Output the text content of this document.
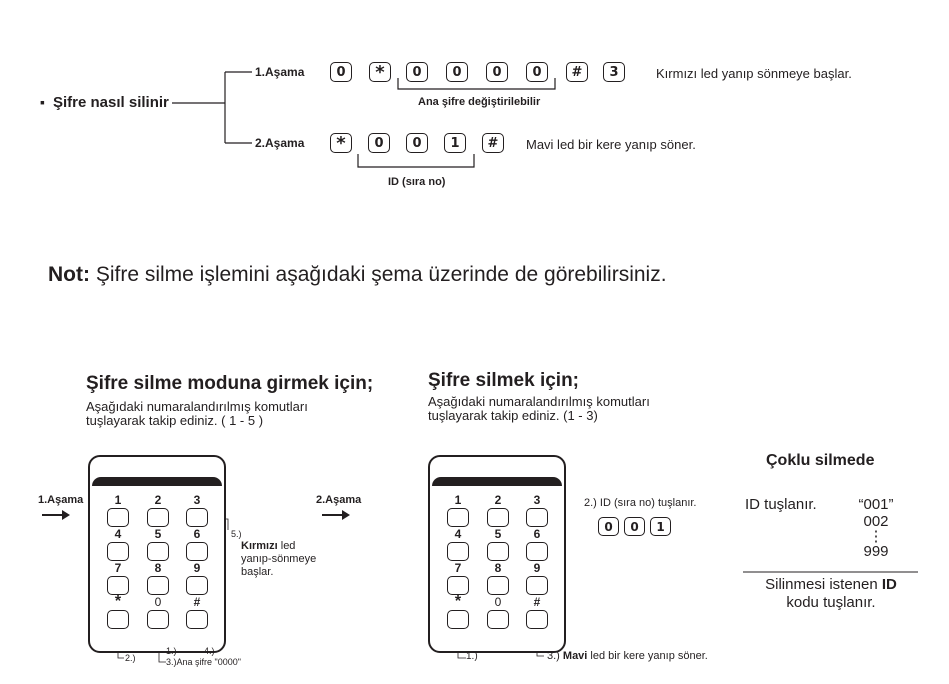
▪ Şifre nasıl silinir
1.Aşama
2.Aşama
0	*	0	0	0	0	#	3
Ana şifre değiştirilebilir
Kırmızı led yanıp sönmeye başlar.
*	0	0	1	#
ID (sıra no)
Mavi led bir kere yanıp söner.
Not: Şifre silme işlemini aşağıdaki şema üzerinde de görebilirsiniz.
Şifre silme moduna girmek için;
Aşağıdaki numaralandırılmış komutları
tuşlayarak takip ediniz. ( 1 - 5 )
1.Aşama	2.Aşama
1	2	3
4	5	6
7	8	9
*	0	#
5.)
Kırmızı led
yanıp-sönmeye
başlar.
2.)
1.)	4.)
3.)Ana şifre "0000"
Şifre silmek için;
Aşağıdaki numaralandırılmış komutları
tuşlayarak takip ediniz. (1 - 3)
1	2	3
4	5	6
7	8	9
*	0	#
2.) ID (sıra no) tuşlanır.
0	0	1
1.)	3.) Mavi led bir kere yanıp söner.
Çoklu silmede
ID tuşlanır.	“001”
002
⋮
999
Silinmesi istenen ID
kodu tuşlanır.
